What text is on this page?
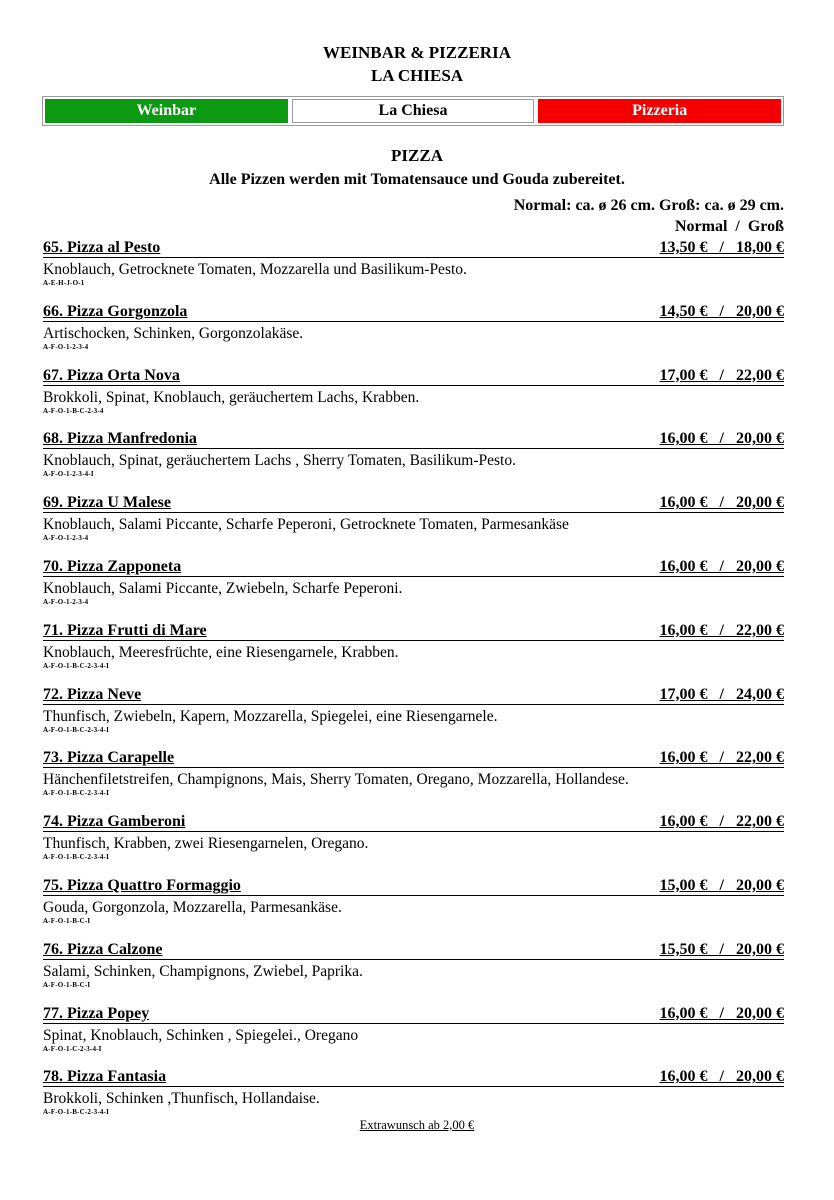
WEINBAR & PIZZERIA
LA CHIESA
Weinbar	La Chiesa	Pizzeria
PIZZA
Alle Pizzen werden mit Tomatensauce und Gouda zubereitet.
Normal: ca. ø 26 cm. Groß: ca. ø 29 cm.
Normal  /  Groß
65. Pizza al Pesto	13,50 €   /   18,00 €
Knoblauch, Getrocknete Tomaten, Mozzarella und Basilikum-Pesto.
A-E-H-J-O-1
66. Pizza Gorgonzola	14,50 €   /   20,00 €
Artischocken, Schinken, Gorgonzolakäse.
A-F-O-1-2-3-4
67. Pizza Orta Nova	17,00 €   /   22,00 €
Brokkoli, Spinat, Knoblauch, geräuchertem Lachs, Krabben.
A-F-O-1-B-C-2-3-4
68. Pizza Manfredonia	16,00 €   /   20,00 €
Knoblauch, Spinat, geräuchertem Lachs , Sherry Tomaten, Basilikum-Pesto.
A-F-O-1-2-3-4-I
69. Pizza U Malese	16,00 €   /   20,00 €
Knoblauch, Salami Piccante, Scharfe Peperoni, Getrocknete Tomaten, Parmesankäse
A-F-O-1-2-3-4
70. Pizza Zapponeta	16,00 €   /   20,00 €
Knoblauch, Salami Piccante, Zwiebeln, Scharfe Peperoni.
A-F-O-1-2-3-4
71. Pizza Frutti di Mare	16,00 €   /   22,00 €
Knoblauch, Meeresfrüchte, eine Riesengarnele, Krabben.
A-F-O-1-B-C-2-3-4-I
72. Pizza Neve	17,00 €   /   24,00 €
Thunfisch, Zwiebeln, Kapern, Mozzarella, Spiegelei, eine Riesengarnele.
A-F-O-1-B-C-2-3-4-I
73. Pizza Carapelle	16,00 €   /   22,00 €
Hänchenfiletstreifen, Champignons, Mais, Sherry Tomaten, Oregano, Mozzarella, Hollandese.
A-F-O-1-B-C-2-3-4-I
74. Pizza Gamberoni	16,00 €   /   22,00 €
Thunfisch, Krabben, zwei Riesengarnelen, Oregano.
A-F-O-1-B-C-2-3-4-I
75. Pizza Quattro Formaggio	15,00 €   /   20,00 €
Gouda, Gorgonzola, Mozzarella, Parmesankäse.
A-F-O-1-B-C-I
76. Pizza Calzone	15,50 €   /   20,00 €
Salami, Schinken, Champignons, Zwiebel, Paprika.
A-F-O-1-B-C-I
77. Pizza Popey	16,00 €   /   20,00 €
Spinat, Knoblauch, Schinken , Spiegelei., Oregano
A-F-O-1-C-2-3-4-I
78. Pizza Fantasia	16,00 €   /   20,00 €
Brokkoli, Schinken ,Thunfisch, Hollandaise.
A-F-O-1-B-C-2-3-4-I
Extrawunsch ab 2,00 €
